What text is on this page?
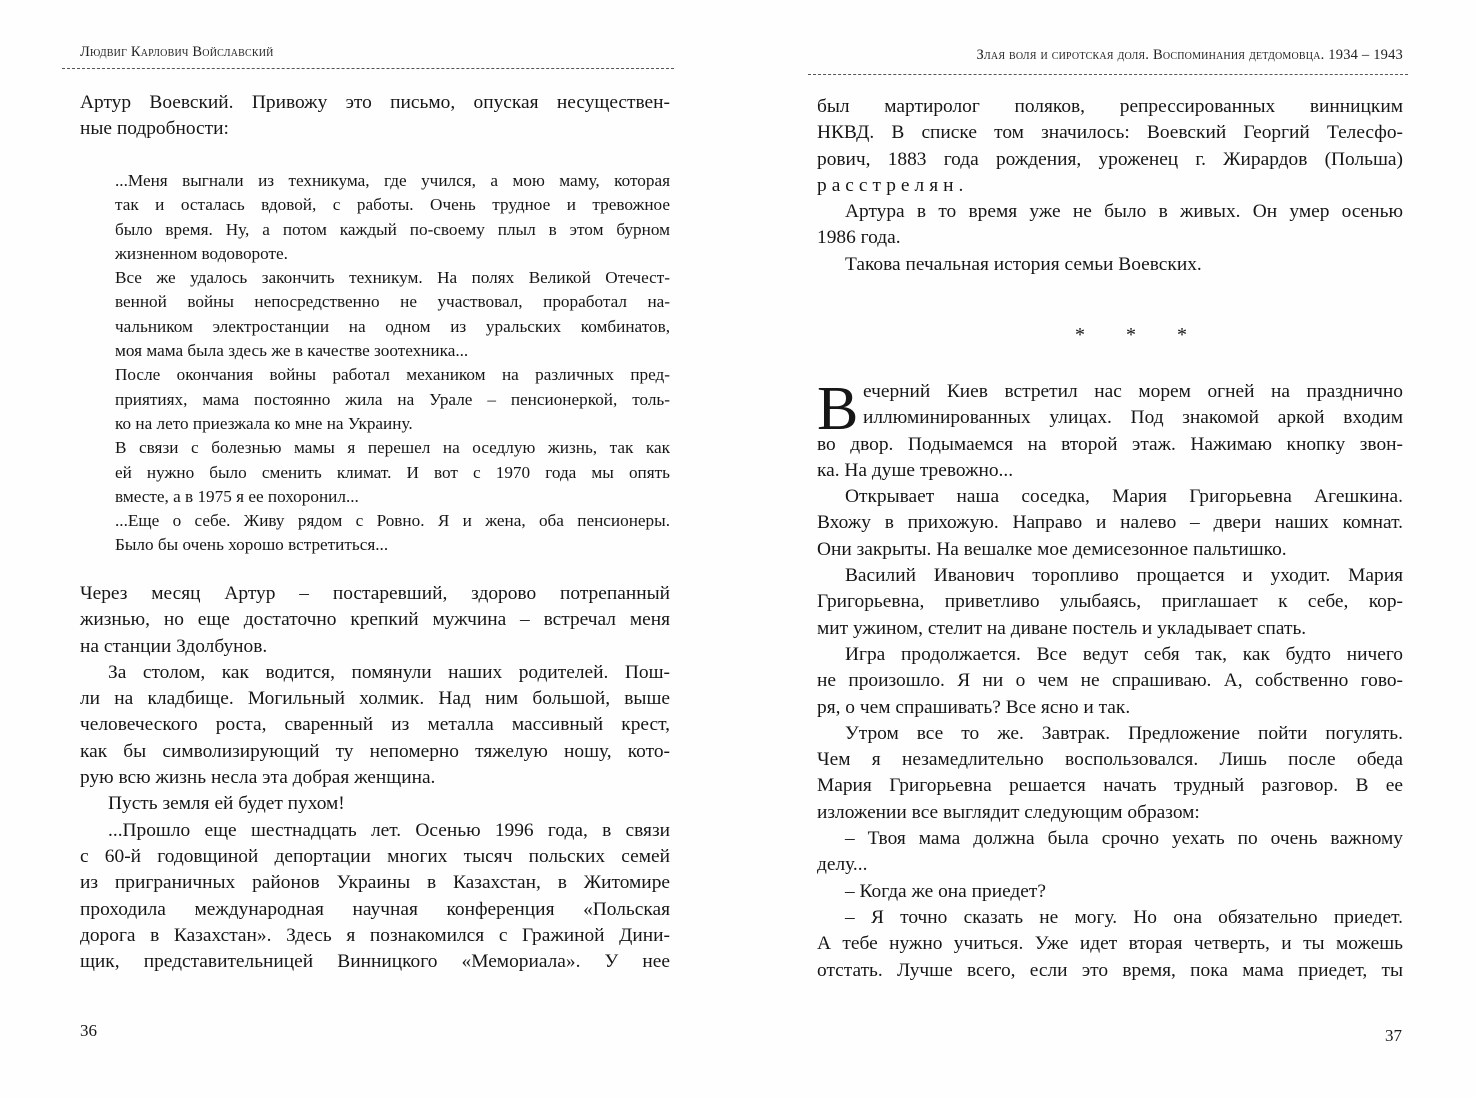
Людвиг Карлович Войславский
Артур Воевский. Привожу это письмо, опуская несуществен-
ные подробности:
...Меня выгнали из техникума, где учился, а мою маму, которая
так и осталась вдовой, с работы. Очень трудное и тревожное
было время. Ну, а потом каждый по-своему плыл в этом бурном
жизненном водовороте.
Все же удалось закончить техникум. На полях Великой Отечест-
венной войны непосредственно не участвовал, проработал на-
чальником электростанции на одном из уральских комбинатов,
моя мама была здесь же в качестве зоотехника...
После окончания войны работал механиком на различных пред-
приятиях, мама постоянно жила на Урале – пенсионеркой, толь-
ко на лето приезжала ко мне на Украину.
В связи с болезнью мамы я перешел на оседлую жизнь, так как
ей нужно было сменить климат. И вот с 1970 года мы опять
вместе, а в 1975 я ее похоронил...
...Еще о себе. Живу рядом с Ровно. Я и жена, оба пенсионеры.
Было бы очень хорошо встретиться...
Через месяц Артур – постаревший, здорово потрепанный
жизнью, но еще достаточно крепкий мужчина – встречал меня
на станции Здолбунов.
За столом, как водится, помянули наших родителей. Пош-
ли на кладбище. Могильный холмик. Над ним большой, выше
человеческого роста, сваренный из металла массивный крест,
как бы символизирующий ту непомерно тяжелую ношу, кото-
рую всю жизнь несла эта добрая женщина.
Пусть земля ей будет пухом!
...Прошло еще шестнадцать лет. Осенью 1996 года, в связи
с 60-й годовщиной депортации многих тысяч польских семей
из приграничных районов Украины в Казахстан, в Житомире
проходила международная научная конференция «Польская
дорога в Казахстан». Здесь я познакомился с Гражиной Дини-
щик, представительницей Винницкого «Мемориала». У нее
36
Злая воля и сиротская доля. Воспоминания детдомовца. 1934 – 1943
был мартиролог поляков, репрессированных винницким
НКВД. В списке том значилось: Воевский Георгий Телесфо-
рович, 1883 года рождения, уроженец г. Жирардов (Польша)
расстрелян.
Артура в то время уже не было в живых. Он умер осенью
1986 года.
Такова печальная история семьи Воевских.
* * *
В ечерний Киев встретил нас морем огней на празднично
иллюминированных улицах. Под знакомой аркой входим
во двор. Подымаемся на второй этаж. Нажимаю кнопку звон-
ка. На душе тревожно...
Открывает наша соседка, Мария Григорьевна Агешкина.
Вхожу в прихожую. Направо и налево – двери наших комнат.
Они закрыты. На вешалке мое демисезонное пальтишко.
Василий Иванович торопливо прощается и уходит. Мария
Григорьевна, приветливо улыбаясь, приглашает к себе, кор-
мит ужином, стелит на диване постель и укладывает спать.
Игра продолжается. Все ведут себя так, как будто ничего
не произошло. Я ни о чем не спрашиваю. А, собственно гово-
ря, о чем спрашивать? Все ясно и так.
Утром все то же. Завтрак. Предложение пойти погулять.
Чем я незамедлительно воспользовался. Лишь после обеда
Мария Григорьевна решается начать трудный разговор. В ее
изложении все выглядит следующим образом:
– Твоя мама должна была срочно уехать по очень важному
делу...
– Когда же она приедет?
– Я точно сказать не могу. Но она обязательно приедет.
А тебе нужно учиться. Уже идет вторая четверть, и ты можешь
отстать. Лучше всего, если это время, пока мама приедет, ты
37
